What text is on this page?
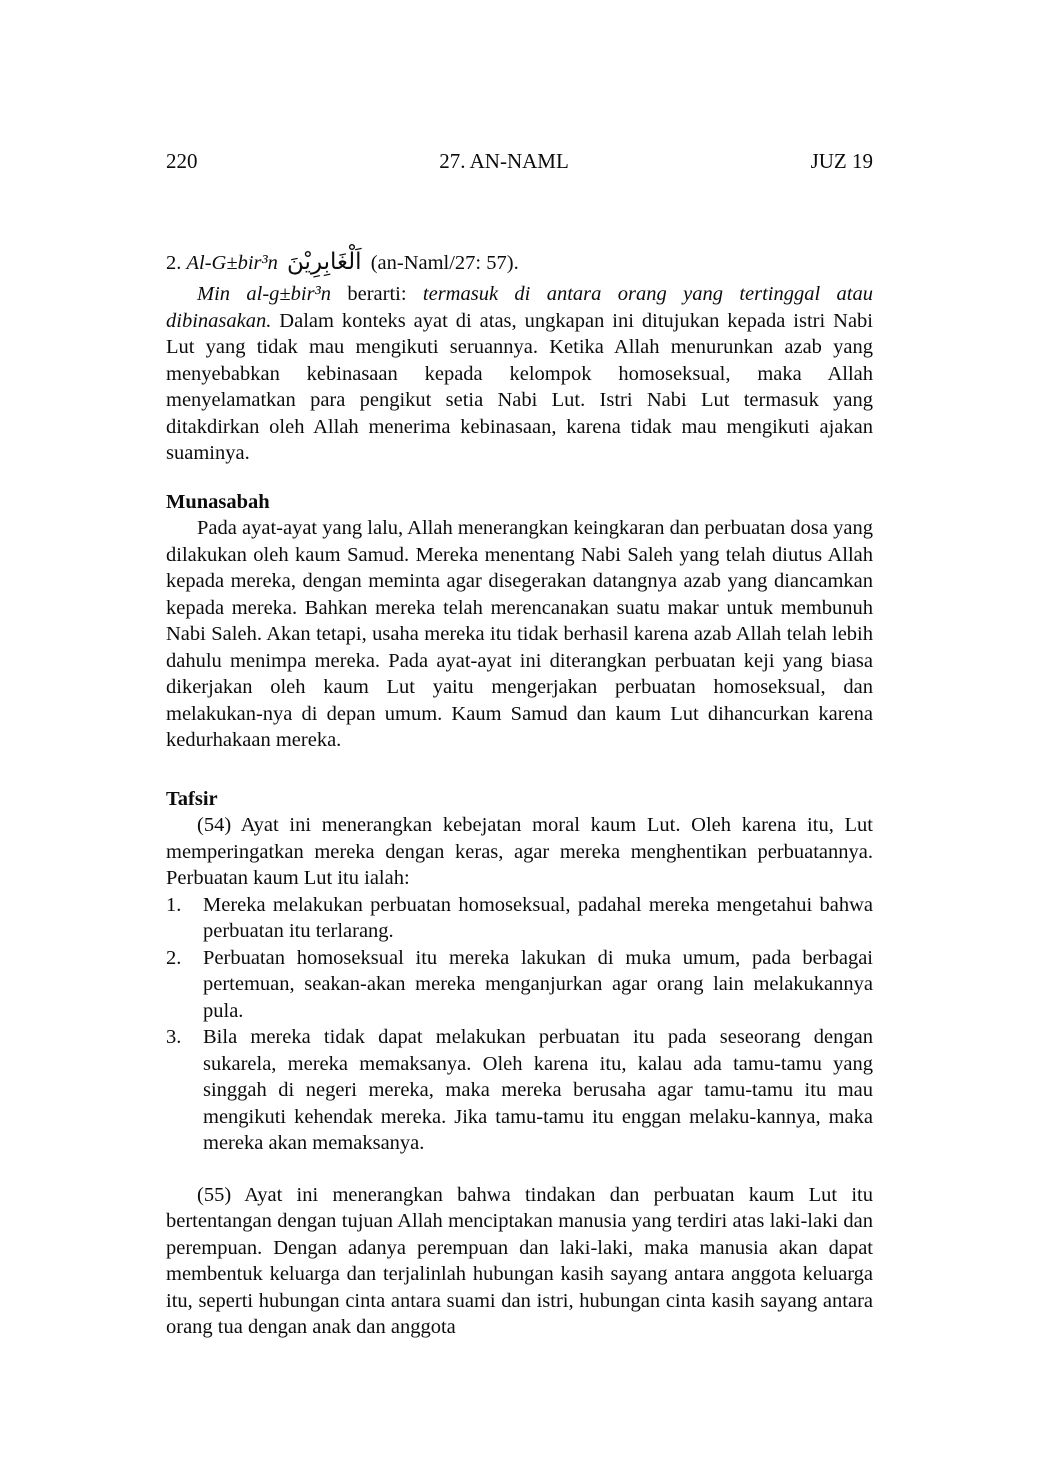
220	27. AN-NAML	JUZ 19
2. Al-G±bir³n اَلْغَابِرِيْنَ (an-Naml/27: 57).

Min al-g±bir³n berarti: termasuk di antara orang yang tertinggal atau dibinasakan. Dalam konteks ayat di atas, ungkapan ini ditujukan kepada istri Nabi Lut yang tidak mau mengikuti seruannya. Ketika Allah menurunkan azab yang menyebabkan kebinasaan kepada kelompok homoseksual, maka Allah menyelamatkan para pengikut setia Nabi Lut. Istri Nabi Lut termasuk yang ditakdirkan oleh Allah menerima kebinasaan, karena tidak mau mengikuti ajakan suaminya.

Munasabah

Pada ayat-ayat yang lalu, Allah menerangkan keingkaran dan perbuatan dosa yang dilakukan oleh kaum Samud. Mereka menentang Nabi Saleh yang telah diutus Allah kepada mereka, dengan meminta agar disegerakan datangnya azab yang diancamkan kepada mereka. Bahkan mereka telah merencanakan suatu makar untuk membunuh Nabi Saleh. Akan tetapi, usaha mereka itu tidak berhasil karena azab Allah telah lebih dahulu menimpa mereka. Pada ayat-ayat ini diterangkan perbuatan keji yang biasa dikerjakan oleh kaum Lut yaitu mengerjakan perbuatan homoseksual, dan melakukan-nya di depan umum. Kaum Samud dan kaum Lut dihancurkan karena kedurhakaan mereka.

Tafsir

(54) Ayat ini menerangkan kebejatan moral kaum Lut. Oleh karena itu, Lut memperingatkan mereka dengan keras, agar mereka menghentikan perbuatannya. Perbuatan kaum Lut itu ialah:

1. Mereka melakukan perbuatan homoseksual, padahal mereka mengetahui bahwa perbuatan itu terlarang.
2. Perbuatan homoseksual itu mereka lakukan di muka umum, pada berbagai pertemuan, seakan-akan mereka menganjurkan agar orang lain melakukannya pula.
3. Bila mereka tidak dapat melakukan perbuatan itu pada seseorang dengan sukarela, mereka memaksanya. Oleh karena itu, kalau ada tamu-tamu yang singgah di negeri mereka, maka mereka berusaha agar tamu-tamu itu mau mengikuti kehendak mereka. Jika tamu-tamu itu enggan melaku-kannya, maka mereka akan memaksanya.

(55) Ayat ini menerangkan bahwa tindakan dan perbuatan kaum Lut itu bertentangan dengan tujuan Allah menciptakan manusia yang terdiri atas laki-laki dan perempuan. Dengan adanya perempuan dan laki-laki, maka manusia akan dapat membentuk keluarga dan terjalinlah hubungan kasih sayang antara anggota keluarga itu, seperti hubungan cinta antara suami dan istri, hubungan cinta kasih sayang antara orang tua dengan anak dan anggota
